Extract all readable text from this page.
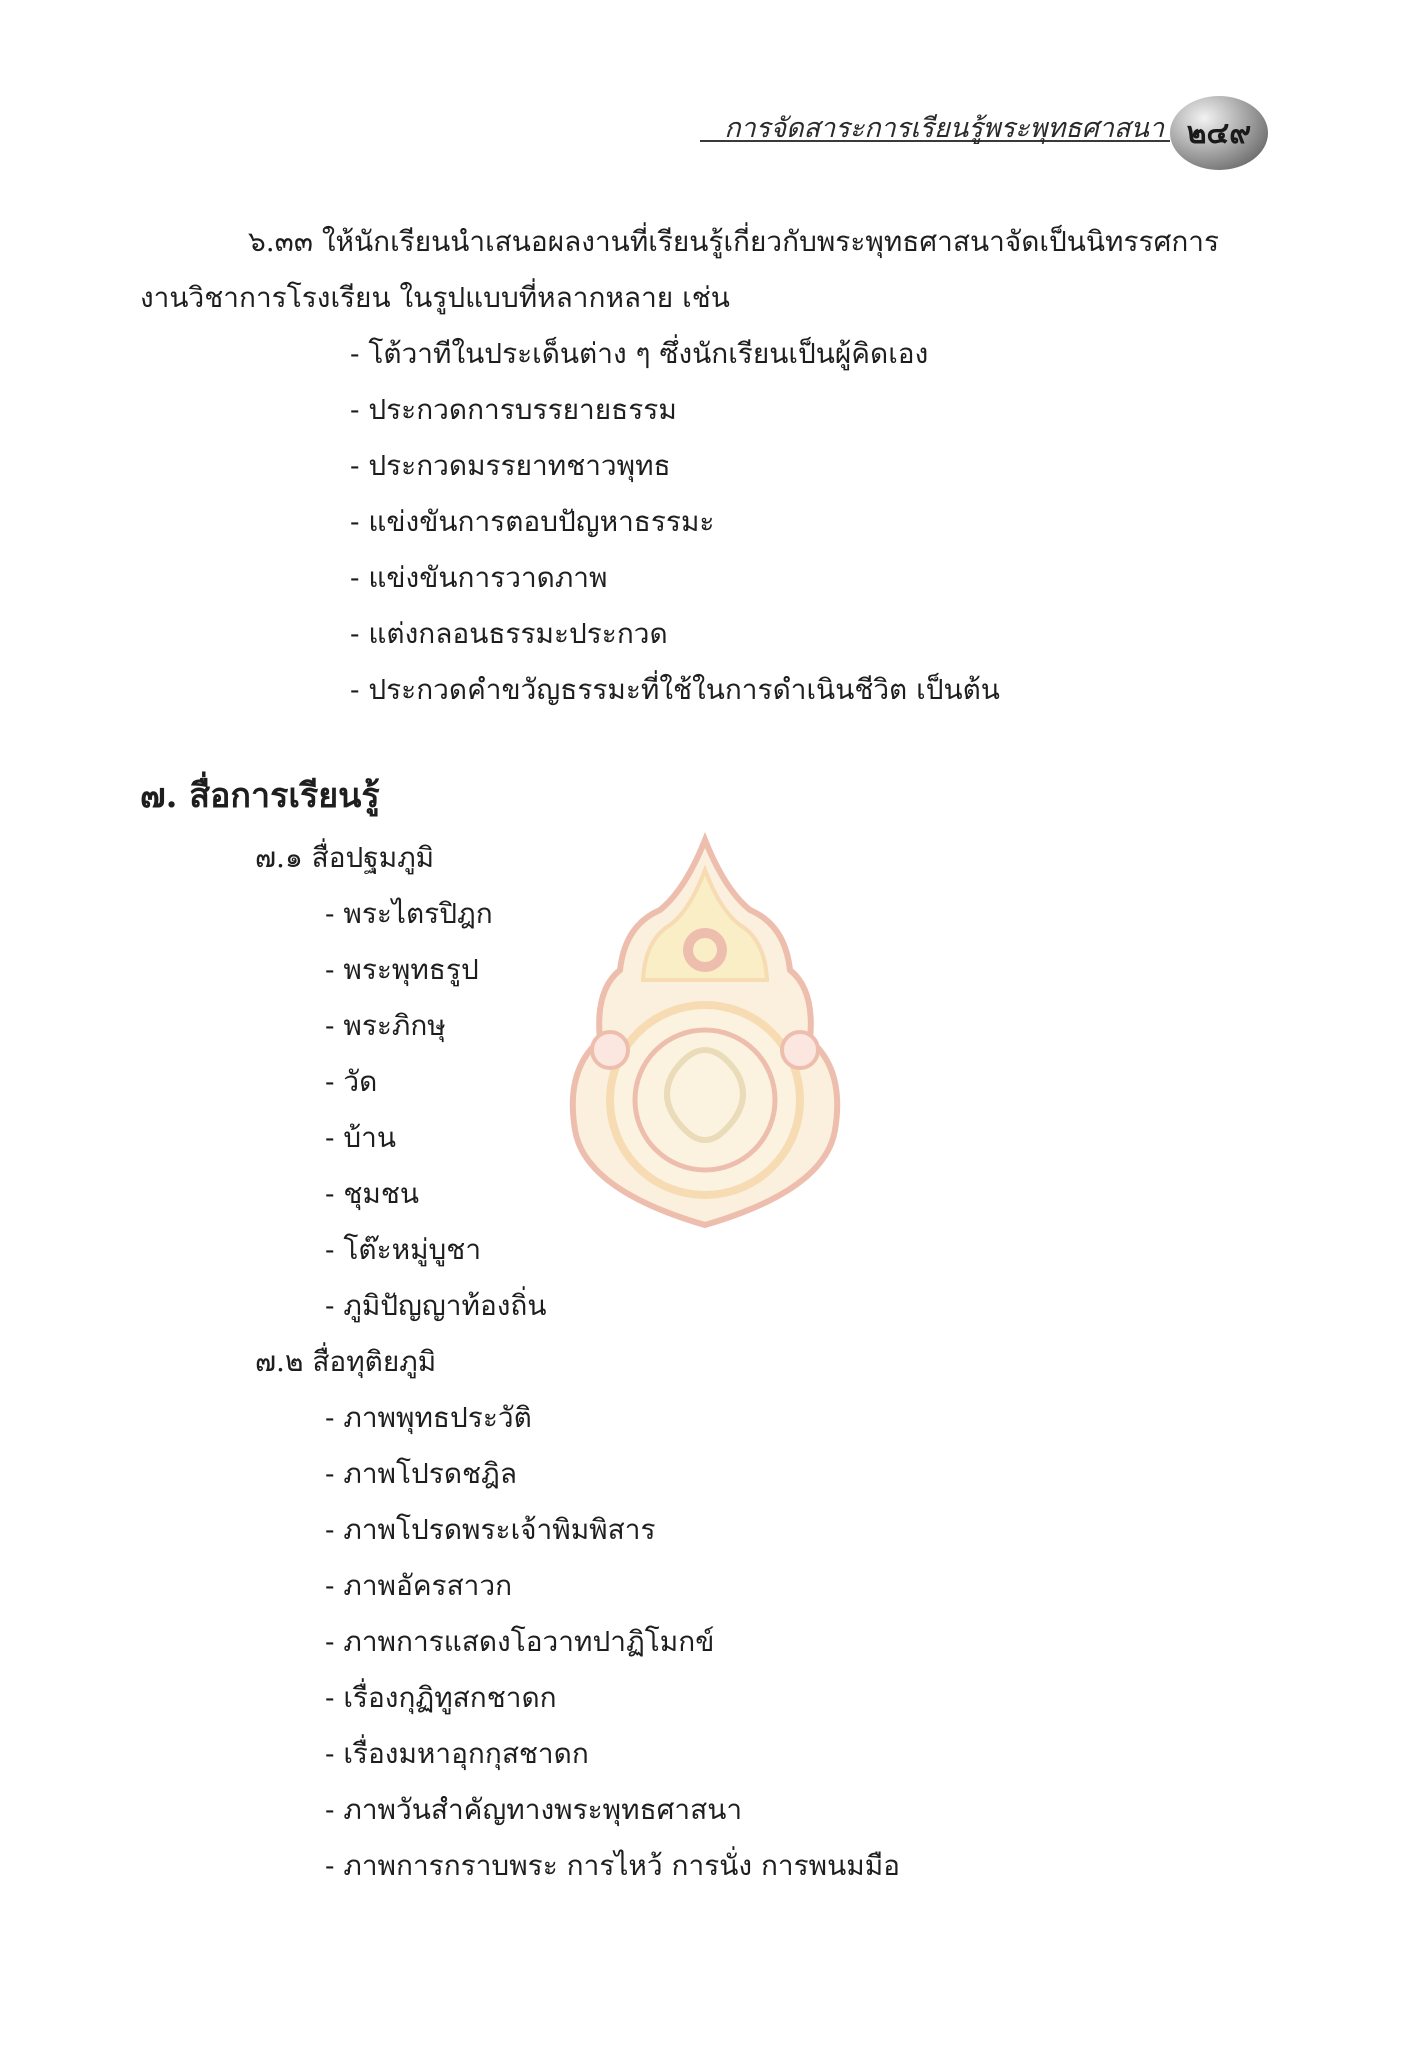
การจัดสาระการเรียนรู้พระพุทธศาสนา ๒๔๙
๖.๓๓ ให้นักเรียนนำเสนอผลงานที่เรียนรู้เกี่ยวกับพระพุทธศาสนาจัดเป็นนิทรรศการ
งานวิชาการโรงเรียน ในรูปแบบที่หลากหลาย เช่น
- โต้วาทีในประเด็นต่าง ๆ ซึ่งนักเรียนเป็นผู้คิดเอง
- ประกวดการบรรยายธรรม
- ประกวดมรรยาทชาวพุทธ
- แข่งขันการตอบปัญหาธรรมะ
- แข่งขันการวาดภาพ
- แต่งกลอนธรรมะประกวด
- ประกวดคำขวัญธรรมะที่ใช้ในการดำเนินชีวิต เป็นต้น
๗. สื่อการเรียนรู้
๗.๑ สื่อปฐมภูมิ
- พระไตรปิฎก
- พระพุทธรูป
- พระภิกษุ
- วัด
- บ้าน
- ชุมชน
- โต๊ะหมู่บูชา
- ภูมิปัญญาท้องถิ่น
๗.๒ สื่อทุติยภูมิ
- ภาพพุทธประวัติ
- ภาพโปรดชฎิล
- ภาพโปรดพระเจ้าพิมพิสาร
- ภาพอัครสาวก
- ภาพการแสดงโอวาทปาฏิโมกข์
- เรื่องกุฏิทูสกชาดก
- เรื่องมหาอุกกุสชาดก
- ภาพวันสำคัญทางพระพุทธศาสนา
- ภาพการกราบพระ การไหว้ การนั่ง การพนมมือ
